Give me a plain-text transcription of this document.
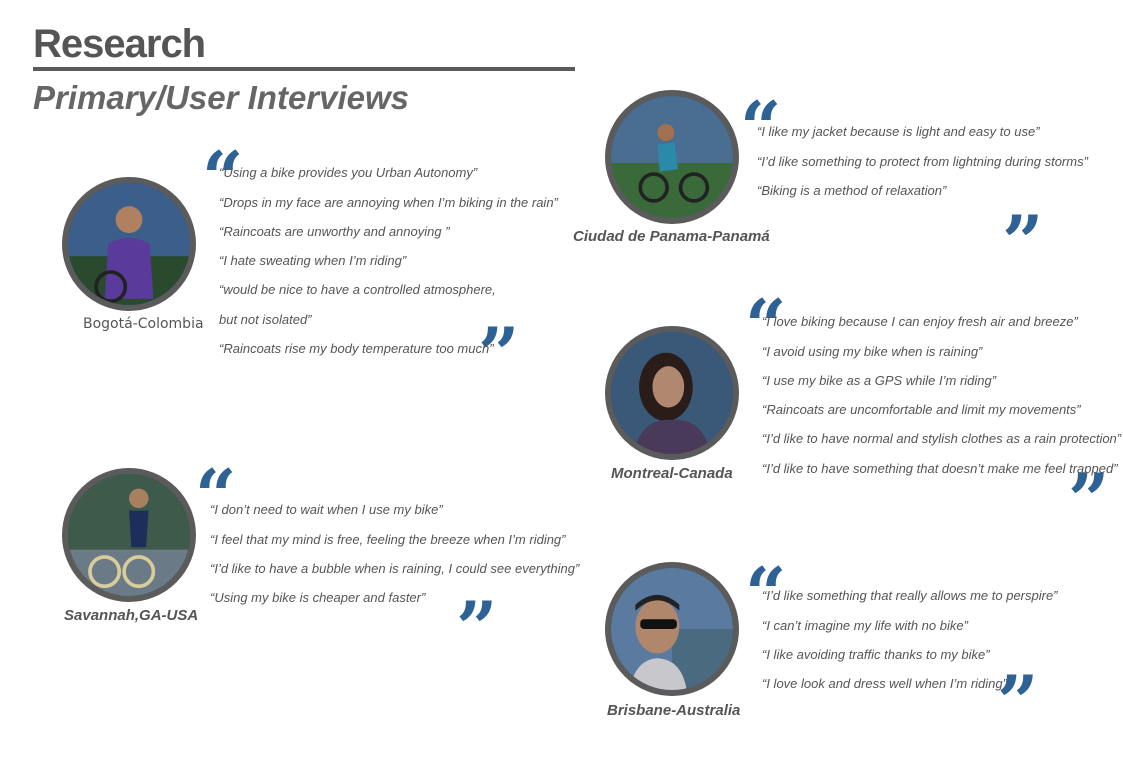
Research
Primary/User Interviews
Bogotá-Colombia
“
”

“Using a bike provides you Urban Autonomy”

“Drops in my face are annoying when I’m biking in the rain”

“Raincoats are unworthy and annoying ”

“I hate sweating when I’m riding”

“would be nice to have a controlled atmosphere,

but not isolated”

“Raincoats rise my body temperature too much”

Ciudad de Panama-Panamá
“
”

“I like my jacket because is light and easy to use”

“I’d like something to protect from lightning during storms”

“Biking is a method of relaxation”

Montreal-Canada
“
”

“I love biking because I can enjoy fresh air and breeze”

“I avoid using my bike when is raining”

“I use my bike as a GPS while I’m riding”

“Raincoats are uncomfortable and limit my movements”

“I’d like to have normal and stylish clothes as a rain protection”

“I’d like to have something that doesn’t make me feel trapped”

Savannah,GA-USA
“
”

“I don’t need to wait when I use my bike”

“I feel that my mind is free, feeling the breeze when I’m riding”

“I’d like to have a bubble when is raining, I could see everything”

“Using my bike is cheaper and faster”

Brisbane-Australia
“
”

“I’d like something that really allows me to perspire”

“I can’t imagine my life with no bike”

“I like avoiding traffic thanks to my bike”

“I love look and dress well when I’m riding”
